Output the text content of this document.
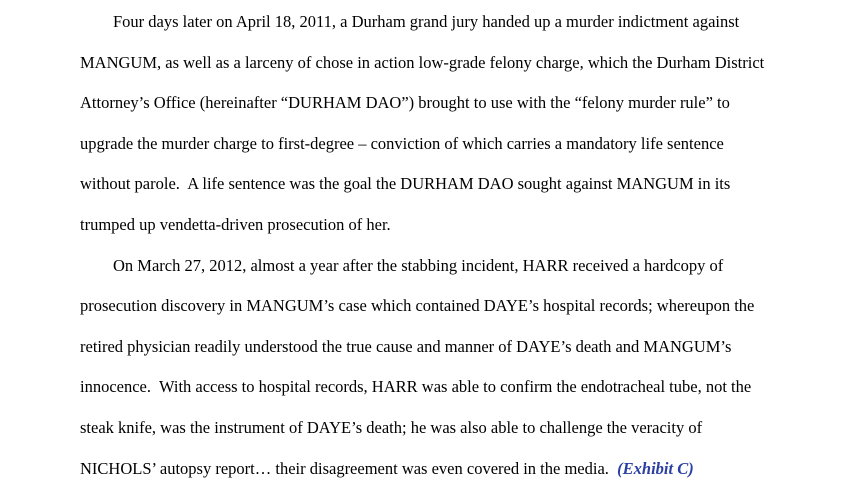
Four days later on April 18, 2011, a Durham grand jury handed up a murder indictment against
MANGUM, as well as a larceny of chose in action low-grade felony charge, which the Durham District
Attorney’s Office (hereinafter “DURHAM DAO”) brought to use with the “felony murder rule” to
upgrade the murder charge to first-degree – conviction of which carries a mandatory life sentence
without parole.  A life sentence was the goal the DURHAM DAO sought against MANGUM in its
trumped up vendetta-driven prosecution of her.
On March 27, 2012, almost a year after the stabbing incident, HARR received a hardcopy of
prosecution discovery in MANGUM’s case which contained DAYE’s hospital records; whereupon the
retired physician readily understood the true cause and manner of DAYE’s death and MANGUM’s
innocence.  With access to hospital records, HARR was able to confirm the endotracheal tube, not the
steak knife, was the instrument of DAYE’s death; he was also able to challenge the veracity of
NICHOLS’ autopsy report… their disagreement was even covered in the media.  (Exhibit C)
